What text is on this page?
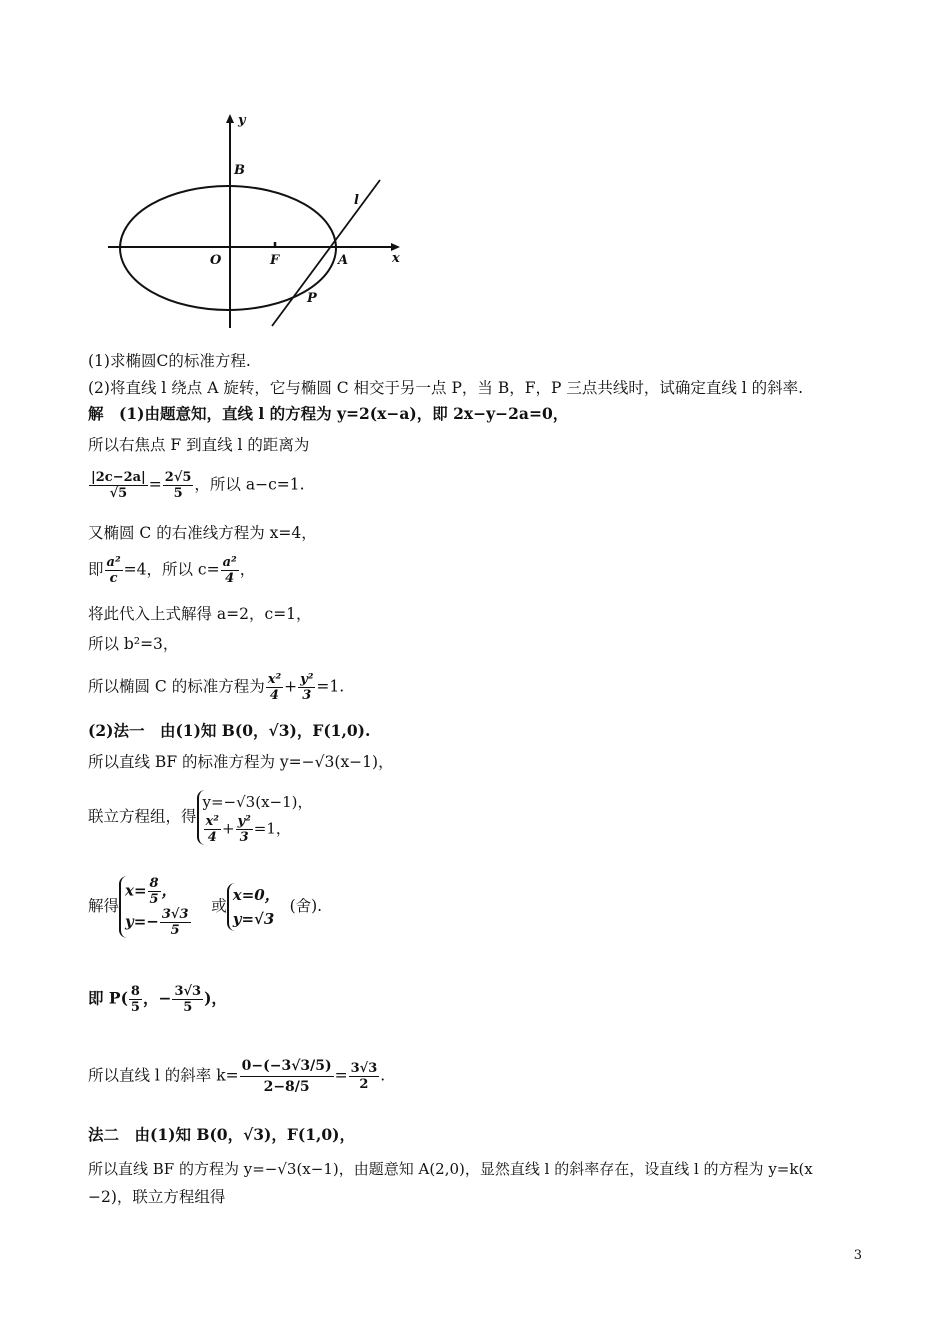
y
x
B
O	F	A
P
l
(1)求椭圆C的标准方程.
(2)将直线 l 绕点 A 旋转，它与椭圆 C 相交于另一点 P，当 B，F，P 三点共线时，试确定直线 l 的斜率.
解　(1)由题意知，直线 l 的方程为 y=2(x−a)，即 2x−y−2a=0，
所以右焦点 F 到直线 l 的距离为
$\frac{|2c-2a|}{√5} = \frac{2√5}{5}$ ，所以 a−c=1.
又椭圆 C 的右准线方程为 x=4，
即 $\frac{\text{a²}}{c} =4$，所以 $c= \frac{\text{a²}}{4}$ ，
将此代入上式解得 a=2，c=1，
所以 b²=3，
所以椭圆 C 的标准方程为 $\frac{\text{x²}}{4} + \frac{\text{y²}}{3} =1$.
(2)法一　由(1)知 B(0，√3)，F(1,0).
所以直线 BF 的标准方程为 y=−√3(x−1)，
联立方程组，得y=−√3(x−1)，

$\frac{\text{x²}}{4} + \frac{\text{y²}}{3} =1$，
解得$x= \frac{8}{5}$ ，
$y=- \frac{3√3}{5}$
或x=0，
y=√3  (舍).
即 $P( \frac{8}{5}$ ，− $\frac{3√3}{5}$ )，
所以直线 l 的斜率 $k= \frac{0-(-3√3/5)}{2-8/5} = \frac{3√3}{2}$ .
法二　由(1)知 B(0，√3)，F(1,0)，
所以直线 BF 的方程为 y=−√3(x−1)，由题意知 A(2,0)，显然直线 l 的斜率存在，设直线 l 的方程为 y=k(x
−2)，联立方程组得
3
